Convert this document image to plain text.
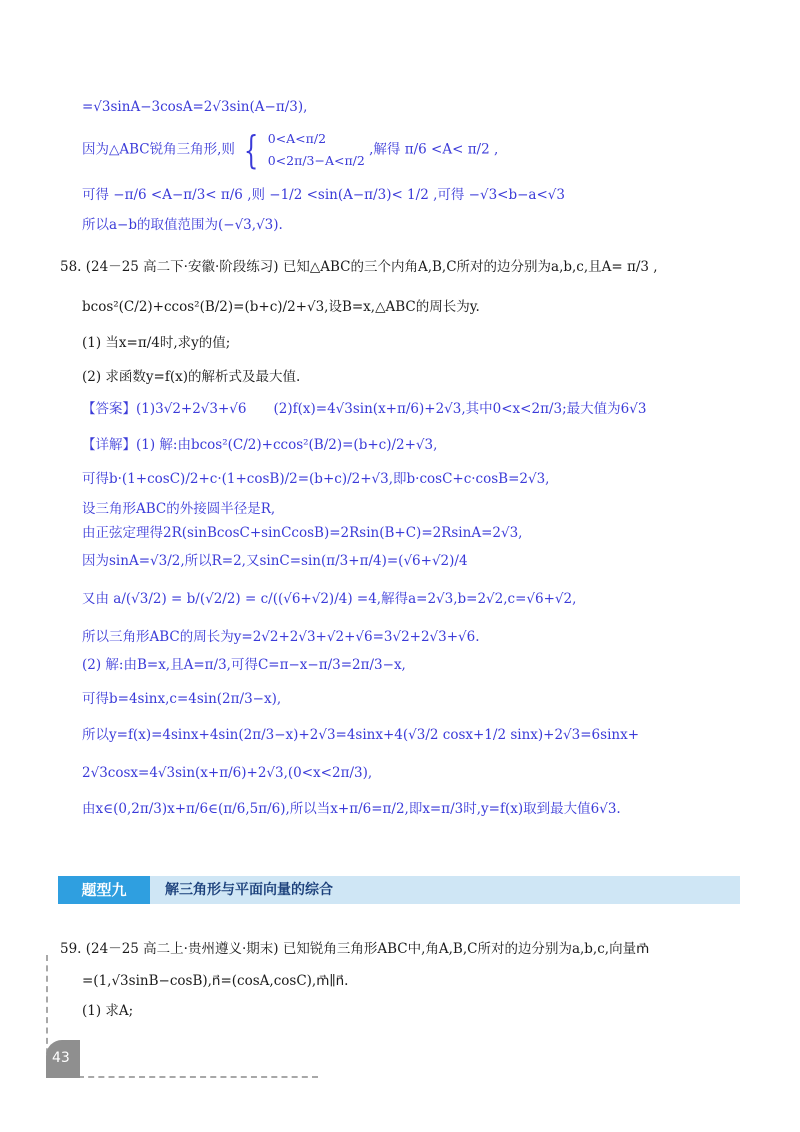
=√3sinA−3cosA=2√3sin(A−π/3),
因为△ABC锐角三角形,则 { 0<A<π/2
0<2π/3−A<π/2
,解得 π/6 <A< π/2 ,
可得 −π/6 <A−π/3< π/6 ,则 −1/2 <sin(A−π/3)< 1/2 ,可得 −√3<b−a<√3
所以a−b的取值范围为(−√3,√3).
58. (24－25 高二下·安徽·阶段练习) 已知△ABC的三个内角A,B,C所对的边分别为a,b,c,且A= π/3 ,
bcos²(C/2)+ccos²(B/2)=(b+c)/2+√3,设B=x,△ABC的周长为y.
(1) 当x=π/4时,求y的值;
(2) 求函数y=f(x)的解析式及最大值.
【答案】(1)3√2+2√3+√6　　(2)f(x)=4√3sin(x+π/6)+2√3,其中0<x<2π/3;最大值为6√3
【详解】(1) 解:由bcos²(C/2)+ccos²(B/2)=(b+c)/2+√3,
可得b·(1+cosC)/2+c·(1+cosB)/2=(b+c)/2+√3,即b·cosC+c·cosB=2√3,
设三角形ABC的外接圆半径是R,
由正弦定理得2R(sinBcosC+sinCcosB)=2Rsin(B+C)=2RsinA=2√3,
因为sinA=√3/2,所以R=2,又sinC=sin(π/3+π/4)=(√6+√2)/4
又由 a/(√3/2) = b/(√2/2) = c/((√6+√2)/4) =4,解得a=2√3,b=2√2,c=√6+√2,
所以三角形ABC的周长为y=2√2+2√3+√2+√6=3√2+2√3+√6.
(2) 解:由B=x,且A=π/3,可得C=π−x−π/3=2π/3−x,
可得b=4sinx,c=4sin(2π/3−x),
所以y=f(x)=4sinx+4sin(2π/3−x)+2√3=4sinx+4(√3/2 cosx+1/2 sinx)+2√3=6sinx+
2√3cosx=4√3sin(x+π/6)+2√3,(0<x<2π/3),
由x∈(0,2π/3)x+π/6∈(π/6,5π/6),所以当x+π/6=π/2,即x=π/3时,y=f(x)取到最大值6√3.
题型九	解三角形与平面向量的综合
59. (24－25 高二上·贵州遵义·期末) 已知锐角三角形ABC中,角A,B,C所对的边分别为a,b,c,向量m⃗
=(1,√3sinB−cosB),n⃗=(cosA,cosC),m⃗∥n⃗.
(1) 求A;
43
